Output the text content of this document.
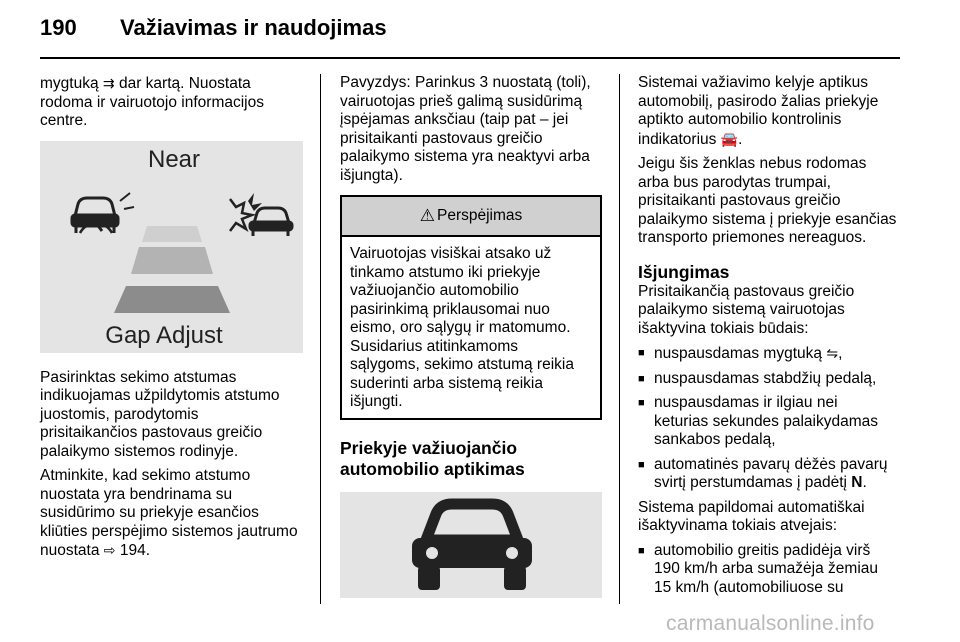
190	Važiavimas ir naudojimas

mygtuką ⇉ dar kartą. Nuostata
rodoma ir vairuotojo informacijos
centre.

Near
Gap Adjust

Pasirinktas sekimo atstumas
indikuojamas užpildytomis atstumo
juostomis, parodytomis
prisitaikančios pastovaus greičio
palaikymo sistemos rodinyje.

Atminkite, kad sekimo atstumo
nuostata yra bendrinama su
susidūrimo su priekyje esančios
kliūties perspėjimo sistemos jautrumo
nuostata ⇨ 194.

Pavyzdys: Parinkus 3 nuostatą (toli),
vairuotojas prieš galimą susidūrimą
įspėjamas anksčiau (taip pat – jei
prisitaikanti pastovaus greičio
palaikymo sistema yra neaktyvi arba
išjungta).

⚠ Perspėjimas
Vairuotojas visiškai atsako už
tinkamo atstumo iki priekyje
važiuojančio automobilio
pasirinkimą priklausomai nuo
eismo, oro sąlygų ir matomumo.
Susidarius atitinkamoms
sąlygoms, sekimo atstumą reikia
suderinti arba sistemą reikia
išjungti.
Priekyje važiuojančio
automobilio aptikimas

Sistemai važiavimo kelyje aptikus
automobilį, pasirodo žalias priekyje
aptikto automobilio kontrolinis
indikatorius 🚘.

Jeigu šis ženklas nebus rodomas
arba bus parodytas trumpai,
prisitaikanti pastovaus greičio
palaikymo sistema į priekyje esančias
transporto priemones nereaguos.

Išjungimas

Prisitaikančią pastovaus greičio
palaikymo sistemą vairuotojas
išaktyvina tokiais būdais:

■ nuspausdamas mygtuką ⇋,
■ nuspausdamas stabdžių pedalą,
■ nuspausdamas ir ilgiau nei
keturias sekundes palaikydamas
sankabos pedalą,
■ automatinės pavarų dėžės pavarų
svirtį perstumdamas į padėtį N.

Sistema papildomai automatiškai
išaktyvinama tokiais atvejais:

■ automobilio greitis padidėja virš
190 km/h arba sumažėja žemiau
15 km/h (automobiliuose su
carmanualsonline.info
